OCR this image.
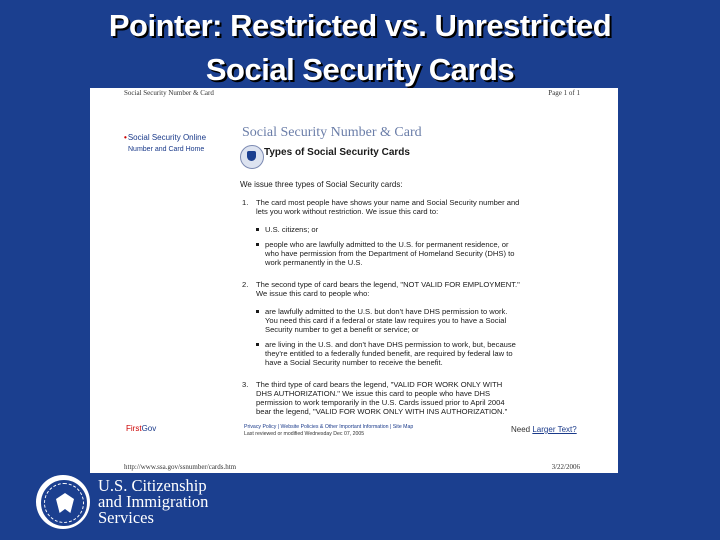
Pointer: Restricted vs. Unrestricted
Social Security Cards
Social Security Number & Card	Page 1 of 1
•Social Security Online
Number and Card Home
Social Security Number & Card
Types of Social Security Cards
We issue three types of Social Security cards:
1.	The card most people have shows your name and Social Security number and lets you work without restriction. We issue this card to:
U.S. citizens; or
people who are lawfully admitted to the U.S. for permanent residence, or who have permission from the Department of Homeland Security (DHS) to work permanently in the U.S.
2.	The second type of card bears the legend, "NOT VALID FOR EMPLOYMENT." We issue this card to people who:
are lawfully admitted to the U.S. but don't have DHS permission to work. You need this card if a federal or state law requires you to have a Social Security number to get a benefit or service; or
are living in the U.S. and don't have DHS permission to work, but, because they're entitled to a federally funded benefit, are required by federal law to have a Social Security number to receive the benefit.
3.	The third type of card bears the legend, "VALID FOR WORK ONLY WITH DHS AUTHORIZATION." We issue this card to people who have DHS permission to work temporarily in the U.S. Cards issued prior to April 2004 bear the legend, "VALID FOR WORK ONLY WITH INS AUTHORIZATION."
FirstGov	Privacy Policy | Website Policies & Other Important Information | Site Map
Last reviewed or modified Wednesday Dec 07, 2005	Need Larger Text?
http://www.ssa.gov/ssnumber/cards.htm	3/22/2006
U.S. Citizenship
and Immigration
Services
